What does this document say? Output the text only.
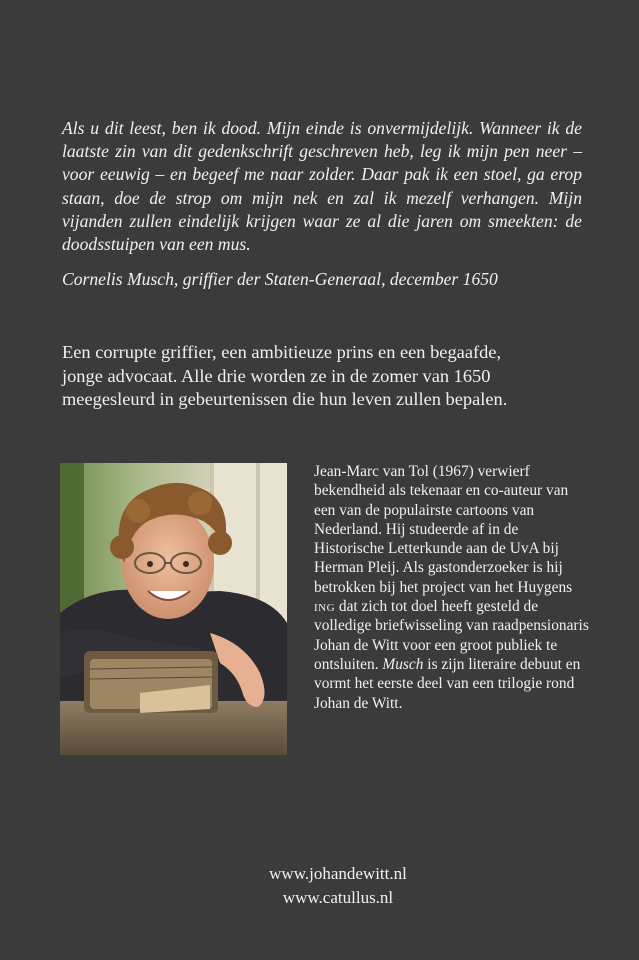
Als u dit leest, ben ik dood. Mijn einde is onvermijdelijk. Wanneer ik de laatste zin van dit gedenkschrift geschreven heb, leg ik mijn pen neer – voor eeuwig – en begeef me naar zolder. Daar pak ik een stoel, ga erop staan, doe de strop om mijn nek en zal ik mezelf verhangen. Mijn vijanden zullen eindelijk krijgen waar ze al die jaren om smeekten: de doodsstuipen van een mus.

Cornelis Musch, griffier der Staten-Generaal, december 1650

Een corrupte griffier, een ambitieuze prins en een begaafde,
jonge advocaat. Alle drie worden ze in de zomer van 1650
meegesleurd in gebeurtenissen die hun leven zullen bepalen.

Jean-Marc van Tol (1967) verwierf bekendheid als tekenaar en co-auteur van een van de populairste cartoons van Nederland. Hij studeerde af in de Historische Letterkunde aan de UvA bij Herman Pleij. Als gastonderzoeker is hij betrokken bij het project van het Huygens ing dat zich tot doel heeft gesteld de volledige briefwisseling van raadpensionaris Johan de Witt voor een groot publiek te ontsluiten. Musch is zijn literaire debuut en vormt het eerste deel van een trilogie rond Johan de Witt.

www.johandewitt.nl
www.catullus.nl
